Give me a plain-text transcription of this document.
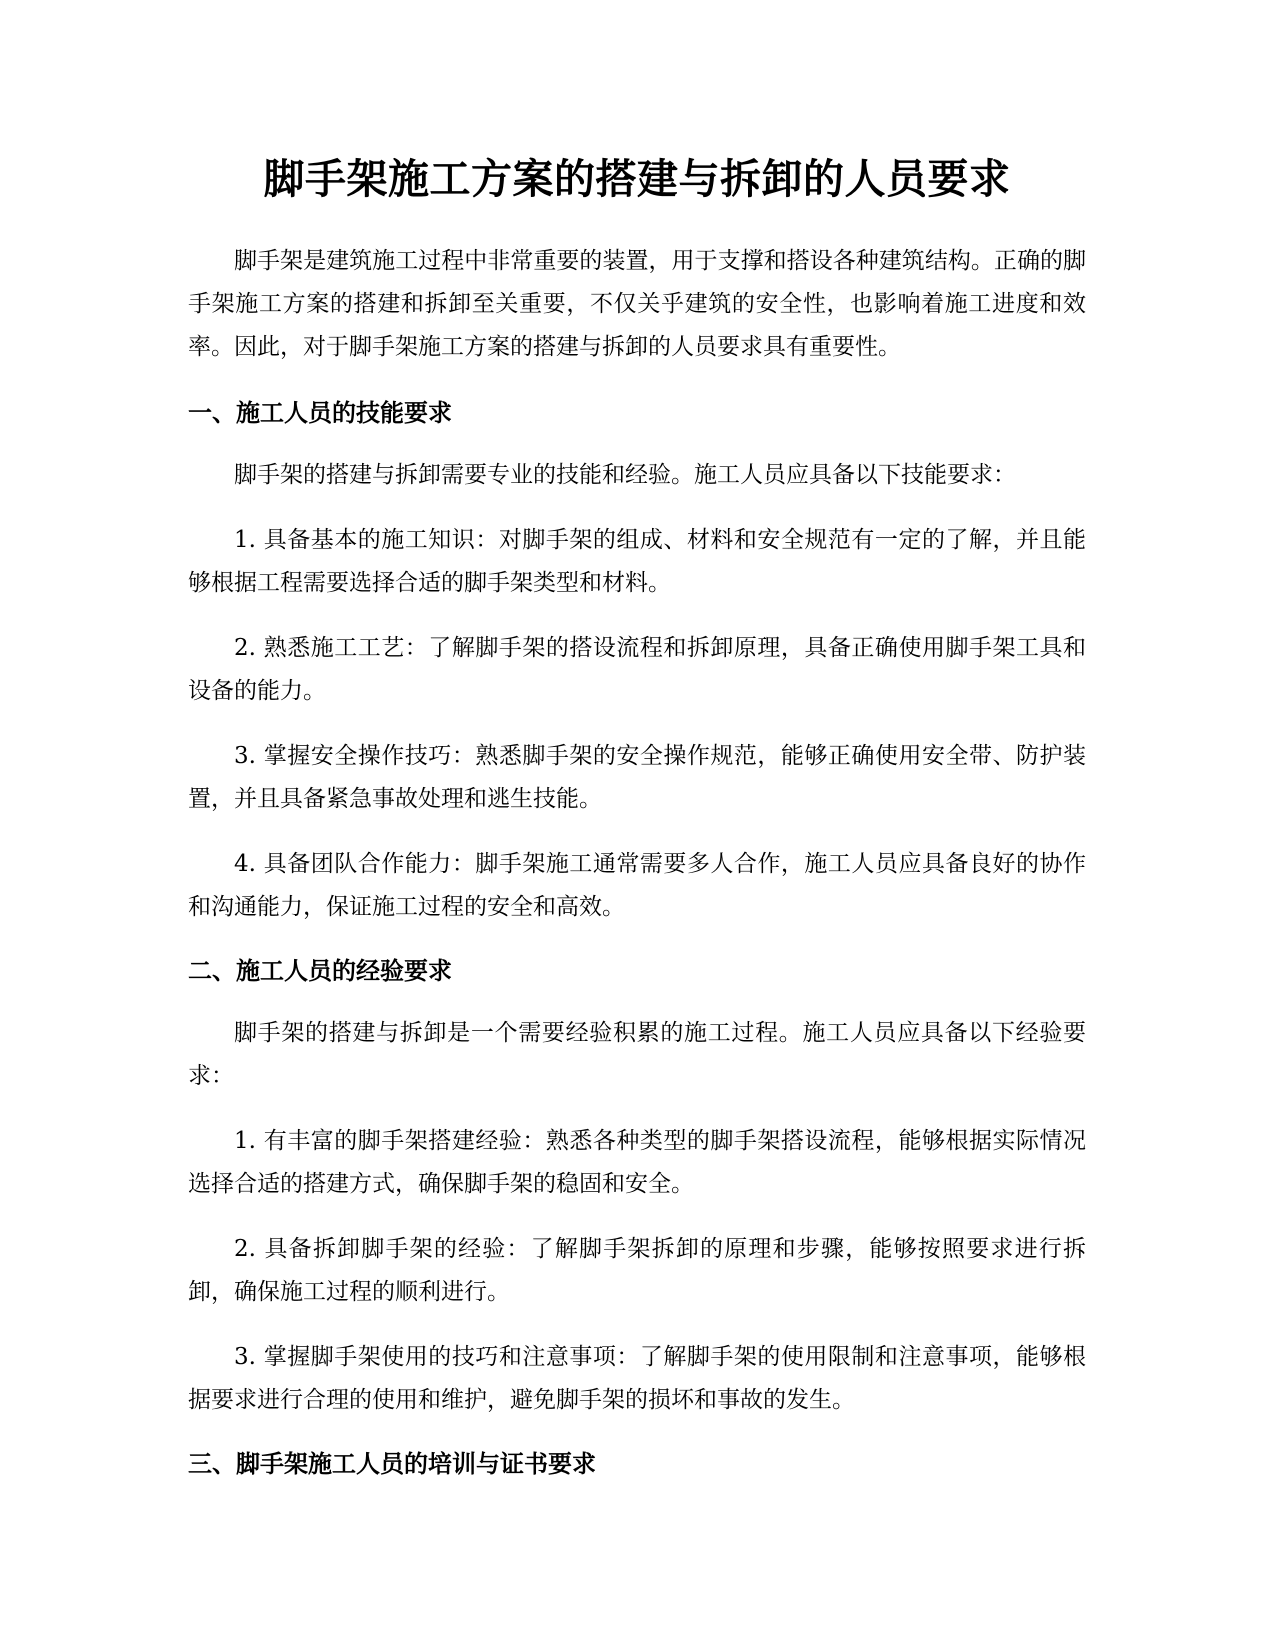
脚手架施工方案的搭建与拆卸的人员要求

脚手架是建筑施工过程中非常重要的装置，用于支撑和搭设各种建筑结构。正确的脚手架施工方案的搭建和拆卸至关重要，不仅关乎建筑的安全性，也影响着施工进度和效率。因此，对于脚手架施工方案的搭建与拆卸的人员要求具有重要性。

一、施工人员的技能要求

脚手架的搭建与拆卸需要专业的技能和经验。施工人员应具备以下技能要求：

1. 具备基本的施工知识：对脚手架的组成、材料和安全规范有一定的了解，并且能够根据工程需要选择合适的脚手架类型和材料。

2. 熟悉施工工艺：了解脚手架的搭设流程和拆卸原理，具备正确使用脚手架工具和设备的能力。

3. 掌握安全操作技巧：熟悉脚手架的安全操作规范，能够正确使用安全带、防护装置，并且具备紧急事故处理和逃生技能。

4. 具备团队合作能力：脚手架施工通常需要多人合作，施工人员应具备良好的协作和沟通能力，保证施工过程的安全和高效。

二、施工人员的经验要求

脚手架的搭建与拆卸是一个需要经验积累的施工过程。施工人员应具备以下经验要求：

1. 有丰富的脚手架搭建经验：熟悉各种类型的脚手架搭设流程，能够根据实际情况选择合适的搭建方式，确保脚手架的稳固和安全。

2. 具备拆卸脚手架的经验：了解脚手架拆卸的原理和步骤，能够按照要求进行拆卸，确保施工过程的顺利进行。

3. 掌握脚手架使用的技巧和注意事项：了解脚手架的使用限制和注意事项，能够根据要求进行合理的使用和维护，避免脚手架的损坏和事故的发生。

三、脚手架施工人员的培训与证书要求
